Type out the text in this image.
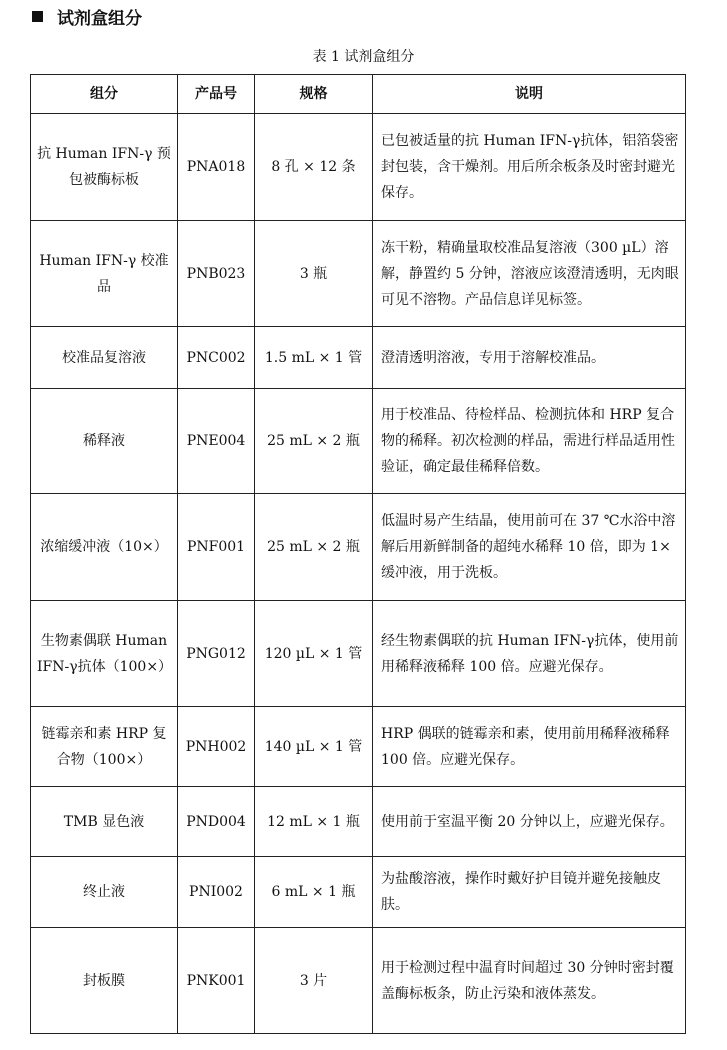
试剂盒组分
表 1 试剂盒组分
组分	产品号	规格	说明
抗 Human IFN-γ 预包被酶标板	PNA018	8 孔 × 12 条	已包被适量的抗 Human IFN-γ抗体，铝箔袋密封包装，含干燥剂。用后所余板条及时密封避光保存。
Human IFN-γ 校准品	PNB023	3 瓶	冻干粉，精确量取校准品复溶液（300 µL）溶解，静置约 5 分钟，溶液应该澄清透明，无肉眼可见不溶物。产品信息详见标签。
校准品复溶液	PNC002	1.5 mL × 1 管	澄清透明溶液，专用于溶解校准品。
稀释液	PNE004	25 mL × 2 瓶	用于校准品、待检样品、检测抗体和 HRP 复合物的稀释。初次检测的样品，需进行样品适用性验证，确定最佳稀释倍数。
浓缩缓冲液（10×）	PNF001	25 mL × 2 瓶	低温时易产生结晶，使用前可在 37 ℃水浴中溶解后用新鲜制备的超纯水稀释 10 倍，即为 1×缓冲液，用于洗板。
生物素偶联 Human IFN-γ抗体（100×）	PNG012	120 µL × 1 管	经生物素偶联的抗 Human IFN-γ抗体，使用前用稀释液稀释 100 倍。应避光保存。
链霉亲和素 HRP 复合物（100×）	PNH002	140 µL × 1 管	HRP 偶联的链霉亲和素，使用前用稀释液稀释 100 倍。应避光保存。
TMB 显色液	PND004	12 mL × 1 瓶	使用前于室温平衡 20 分钟以上，应避光保存。
终止液	PNI002	6 mL × 1 瓶	为盐酸溶液，操作时戴好护目镜并避免接触皮肤。
封板膜	PNK001	3 片	用于检测过程中温育时间超过 30 分钟时密封覆盖酶标板条，防止污染和液体蒸发。
